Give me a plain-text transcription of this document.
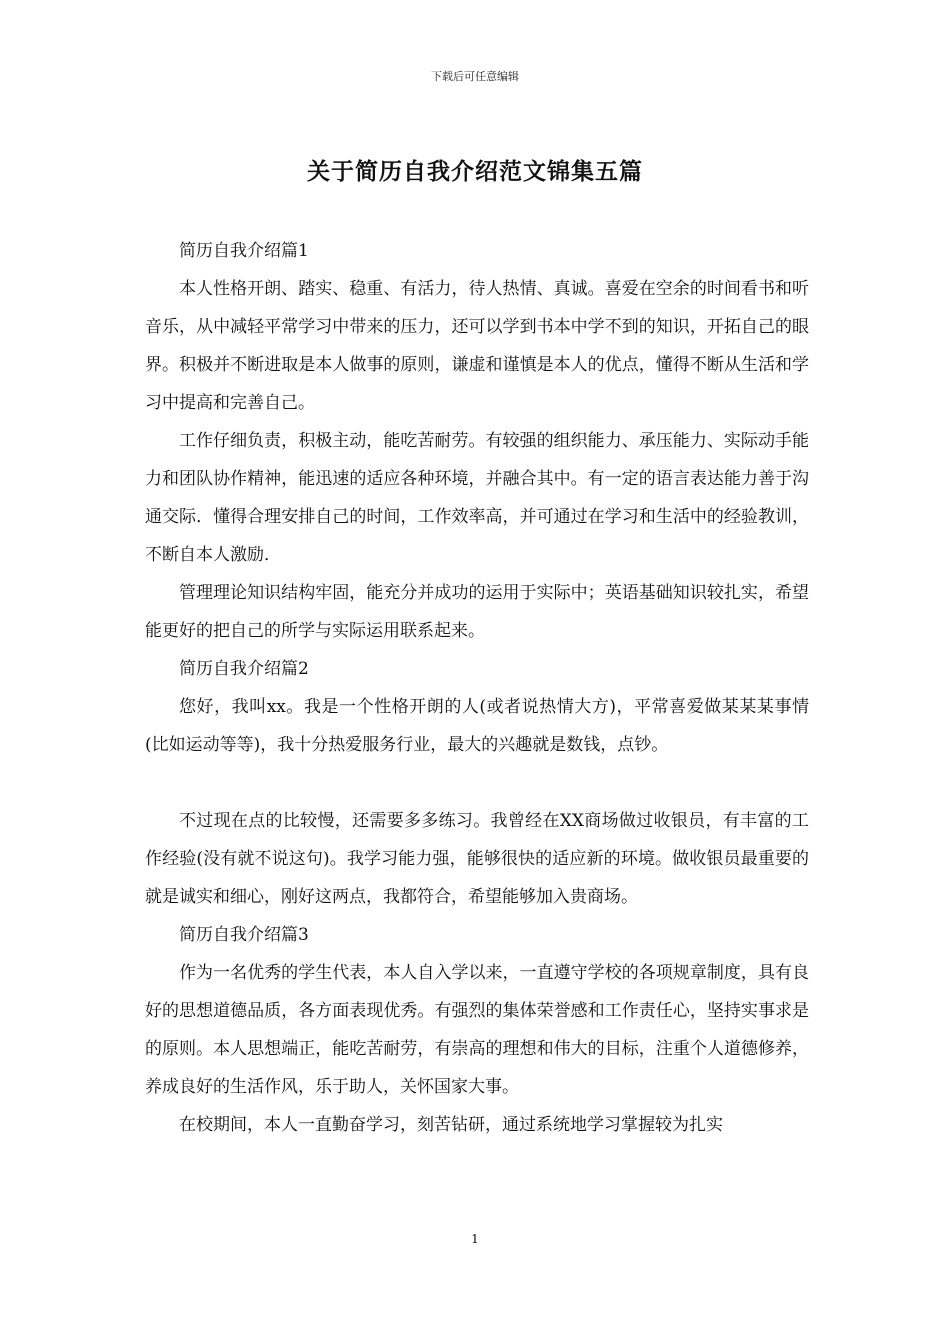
下载后可任意编辑
关于简历自我介绍范文锦集五篇

简历自我介绍篇1

本人性格开朗、踏实、稳重、有活力，待人热情、真诚。喜爱在空余的时间看书和听音乐，从中减轻平常学习中带来的压力，还可以学到书本中学不到的知识，开拓自己的眼界。积极并不断进取是本人做事的原则，谦虚和谨慎是本人的优点，懂得不断从生活和学习中提高和完善自己。

工作仔细负责，积极主动，能吃苦耐劳。有较强的组织能力、承压能力、实际动手能力和团队协作精神，能迅速的适应各种环境，并融合其中。有一定的语言表达能力善于沟通交际．懂得合理安排自己的时间，工作效率高，并可通过在学习和生活中的经验教训，不断自本人激励．

管理理论知识结构牢固，能充分并成功的运用于实际中；英语基础知识较扎实，希望能更好的把自己的所学与实际运用联系起来。

简历自我介绍篇2

您好，我叫xx。我是一个性格开朗的人(或者说热情大方)，平常喜爱做某某某事情(比如运动等等)，我十分热爱服务行业，最大的兴趣就是数钱，点钞。

不过现在点的比较慢，还需要多多练习。我曾经在XX商场做过收银员，有丰富的工作经验(没有就不说这句)。我学习能力强，能够很快的适应新的环境。做收银员最重要的就是诚实和细心，刚好这两点，我都符合，希望能够加入贵商场。

简历自我介绍篇3

作为一名优秀的学生代表，本人自入学以来，一直遵守学校的各项规章制度，具有良好的思想道德品质，各方面表现优秀。有强烈的集体荣誉感和工作责任心，坚持实事求是的原则。本人思想端正，能吃苦耐劳，有崇高的理想和伟大的目标，注重个人道德修养，养成良好的生活作风，乐于助人，关怀国家大事。

在校期间，本人一直勤奋学习，刻苦钻研，通过系统地学习掌握较为扎实

1
